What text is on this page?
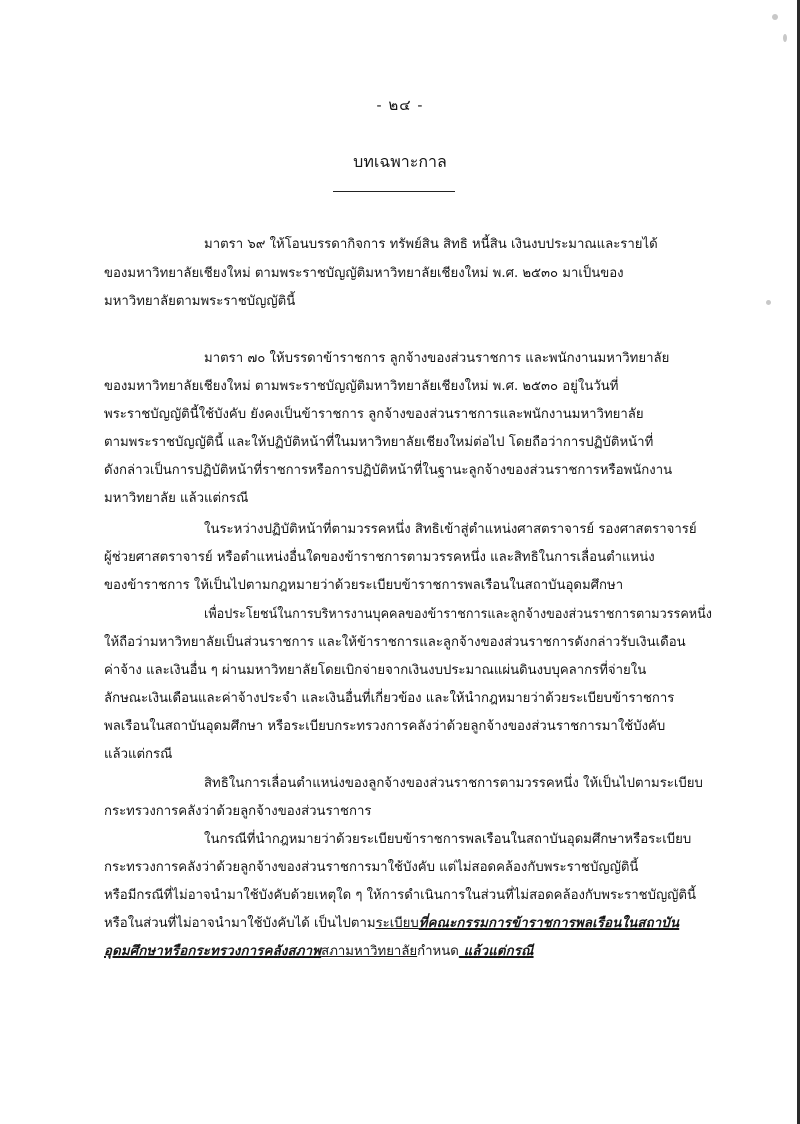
- ๒๔ -
บทเฉพาะกาล
มาตรา ๖๙ ให้โอนบรรดากิจการ ทรัพย์สิน สิทธิ หนี้สิน เงินงบประมาณและรายได้
ของมหาวิทยาลัยเชียงใหม่ ตามพระราชบัญญัติมหาวิทยาลัยเชียงใหม่ พ.ศ. ๒๕๓๐ มาเป็นของ
มหาวิทยาลัยตามพระราชบัญญัตินี้
มาตรา ๗๐ ให้บรรดาข้าราชการ ลูกจ้างของส่วนราชการ และพนักงานมหาวิทยาลัย
ของมหาวิทยาลัยเชียงใหม่ ตามพระราชบัญญัติมหาวิทยาลัยเชียงใหม่ พ.ศ. ๒๕๓๐ อยู่ในวันที่
พระราชบัญญัตินี้ใช้บังคับ ยังคงเป็นข้าราชการ ลูกจ้างของส่วนราชการและพนักงานมหาวิทยาลัย
ตามพระราชบัญญัตินี้ และให้ปฏิบัติหน้าที่ในมหาวิทยาลัยเชียงใหม่ต่อไป โดยถือว่าการปฏิบัติหน้าที่
ดังกล่าวเป็นการปฏิบัติหน้าที่ราชการหรือการปฏิบัติหน้าที่ในฐานะลูกจ้างของส่วนราชการหรือพนักงาน
มหาวิทยาลัย แล้วแต่กรณี
ในระหว่างปฏิบัติหน้าที่ตามวรรคหนึ่ง สิทธิเข้าสู่ตำแหน่งศาสตราจารย์ รองศาสตราจารย์
ผู้ช่วยศาสตราจารย์ หรือตำแหน่งอื่นใดของข้าราชการตามวรรคหนึ่ง และสิทธิในการเลื่อนตำแหน่ง
ของข้าราชการ ให้เป็นไปตามกฎหมายว่าด้วยระเบียบข้าราชการพลเรือนในสถาบันอุดมศึกษา
เพื่อประโยชน์ในการบริหารงานบุคคลของข้าราชการและลูกจ้างของส่วนราชการตามวรรคหนึ่ง
ให้ถือว่ามหาวิทยาลัยเป็นส่วนราชการ และให้ข้าราชการและลูกจ้างของส่วนราชการดังกล่าวรับเงินเดือน
ค่าจ้าง และเงินอื่น ๆ ผ่านมหาวิทยาลัยโดยเบิกจ่ายจากเงินงบประมาณแผ่นดินงบบุคลากรที่จ่ายใน
ลักษณะเงินเดือนและค่าจ้างประจำ และเงินอื่นที่เกี่ยวข้อง และให้นำกฎหมายว่าด้วยระเบียบข้าราชการ
พลเรือนในสถาบันอุดมศึกษา หรือระเบียบกระทรวงการคลังว่าด้วยลูกจ้างของส่วนราชการมาใช้บังคับ
แล้วแต่กรณี
สิทธิในการเลื่อนตำแหน่งของลูกจ้างของส่วนราชการตามวรรคหนึ่ง ให้เป็นไปตามระเบียบ
กระทรวงการคลังว่าด้วยลูกจ้างของส่วนราชการ
ในกรณีที่นำกฎหมายว่าด้วยระเบียบข้าราชการพลเรือนในสถาบันอุดมศึกษาหรือระเบียบ
กระทรวงการคลังว่าด้วยลูกจ้างของส่วนราชการมาใช้บังคับ แต่ไม่สอดคล้องกับพระราชบัญญัตินี้
หรือมีกรณีที่ไม่อาจนำมาใช้บังคับด้วยเหตุใด ๆ ให้การดำเนินการในส่วนที่ไม่สอดคล้องกับพระราชบัญญัตินี้
หรือในส่วนที่ไม่อาจนำมาใช้บังคับได้ เป็นไปตามระเบียบที่คณะกรรมการข้าราชการพลเรือนในสถาบัน
อุดมศึกษาหรือกระทรวงการคลังสภาพสภามหาวิทยาลัยกำหนด แล้วแต่กรณี
